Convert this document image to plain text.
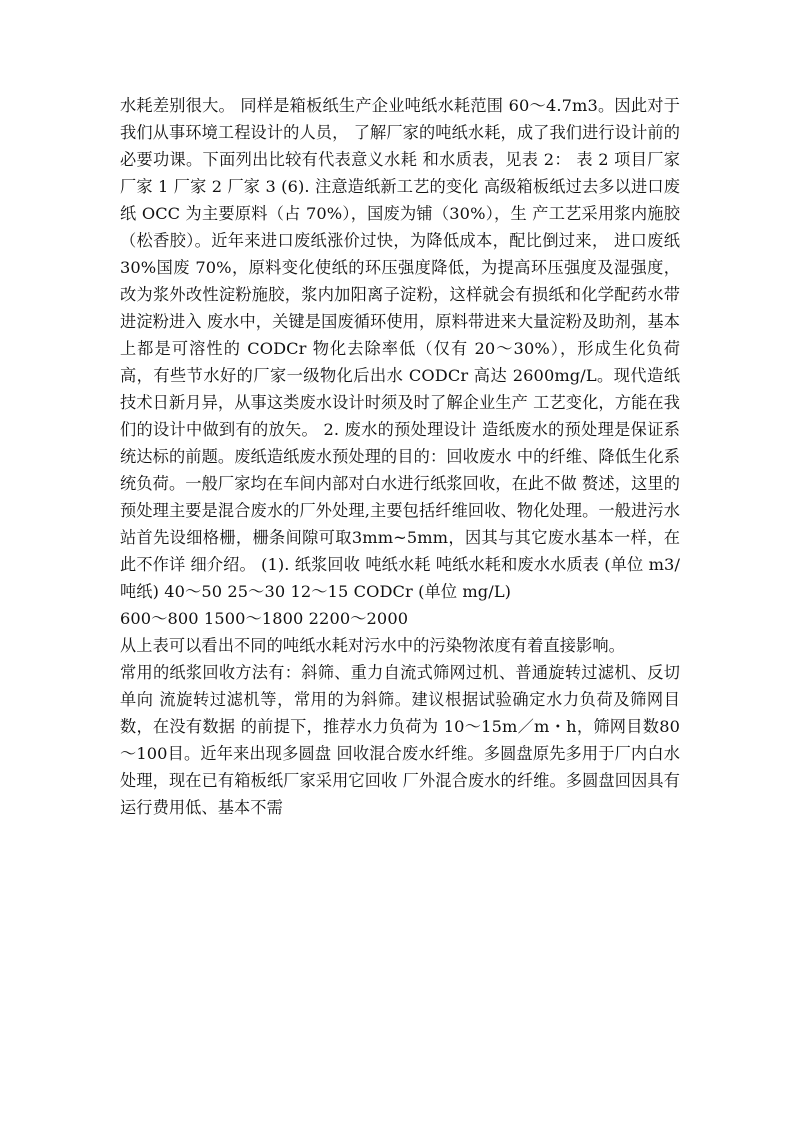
水耗差别很大。 同样是箱板纸生产企业吨纸水耗范围 60～4.7m3。因此对于我们从事环境工程设计的人员， 了解厂家的吨纸水耗，成了我们进行设计前的必要功课。下面列出比较有代表意义水耗 和水质表，见表 2： 表 2 项目厂家 厂家 1 厂家 2 厂家 3 (6). 注意造纸新工艺的变化 高级箱板纸过去多以进口废纸 OCC 为主要原料（占 70%），国废为铺（30%），生 产工艺采用浆内施胶（松香胶）。近年来进口废纸涨价过快，为降低成本，配比倒过来， 进口废纸 30%国废 70%，原料变化使纸的环压强度降低，为提高环压强度及湿强度，改为浆外改性淀粉施胶，浆内加阳离子淀粉，这样就会有损纸和化学配药水带进淀粉进入 废水中，关键是国废循环使用，原料带进来大量淀粉及助剂，基本上都是可溶性的 CODCr 物化去除率低（仅有 20～30%），形成生化负荷高，有些节水好的厂家一级物化后出水 CODCr 高达 2600mg/L。现代造纸技术日新月异，从事这类废水设计时须及时了解企业生产 工艺变化，方能在我们的设计中做到有的放矢。 2. 废水的预处理设计 造纸废水的预处理是保证系统达标的前题。废纸造纸废水预处理的目的：回收废水 中的纤维、降低生化系统负荷。一般厂家均在车间内部对白水进行纸浆回收，在此不做 赘述，这里的预处理主要是混合废水的厂外处理,主要包括纤维回收、物化处理。一般进污水站首先设细格栅，栅条间隙可取3mm~5mm，因其与其它废水基本一样，在此不作详 细介绍。 (1). 纸浆回收 吨纸水耗 吨纸水耗和废水水质表 (单位 m3/吨纸) 40～50 25～30 12～15 CODCr (单位 mg/L)

600～800 1500～1800 2200～2000

从上表可以看出不同的吨纸水耗对污水中的污染物浓度有着直接影响。

常用的纸浆回收方法有：斜筛、重力自流式筛网过机、普通旋转过滤机、反切单向 流旋转过滤机等，常用的为斜筛。建议根据试验确定水力负荷及筛网目数，在没有数据 的前提下，推荐水力负荷为 10～15m／m・h，筛网目数80～100目。近年来出现多圆盘 回收混合废水纤维。多圆盘原先多用于厂内白水处理，现在已有箱板纸厂家采用它回收 厂外混合废水的纤维。多圆盘回因具有运行费用低、基本不需
